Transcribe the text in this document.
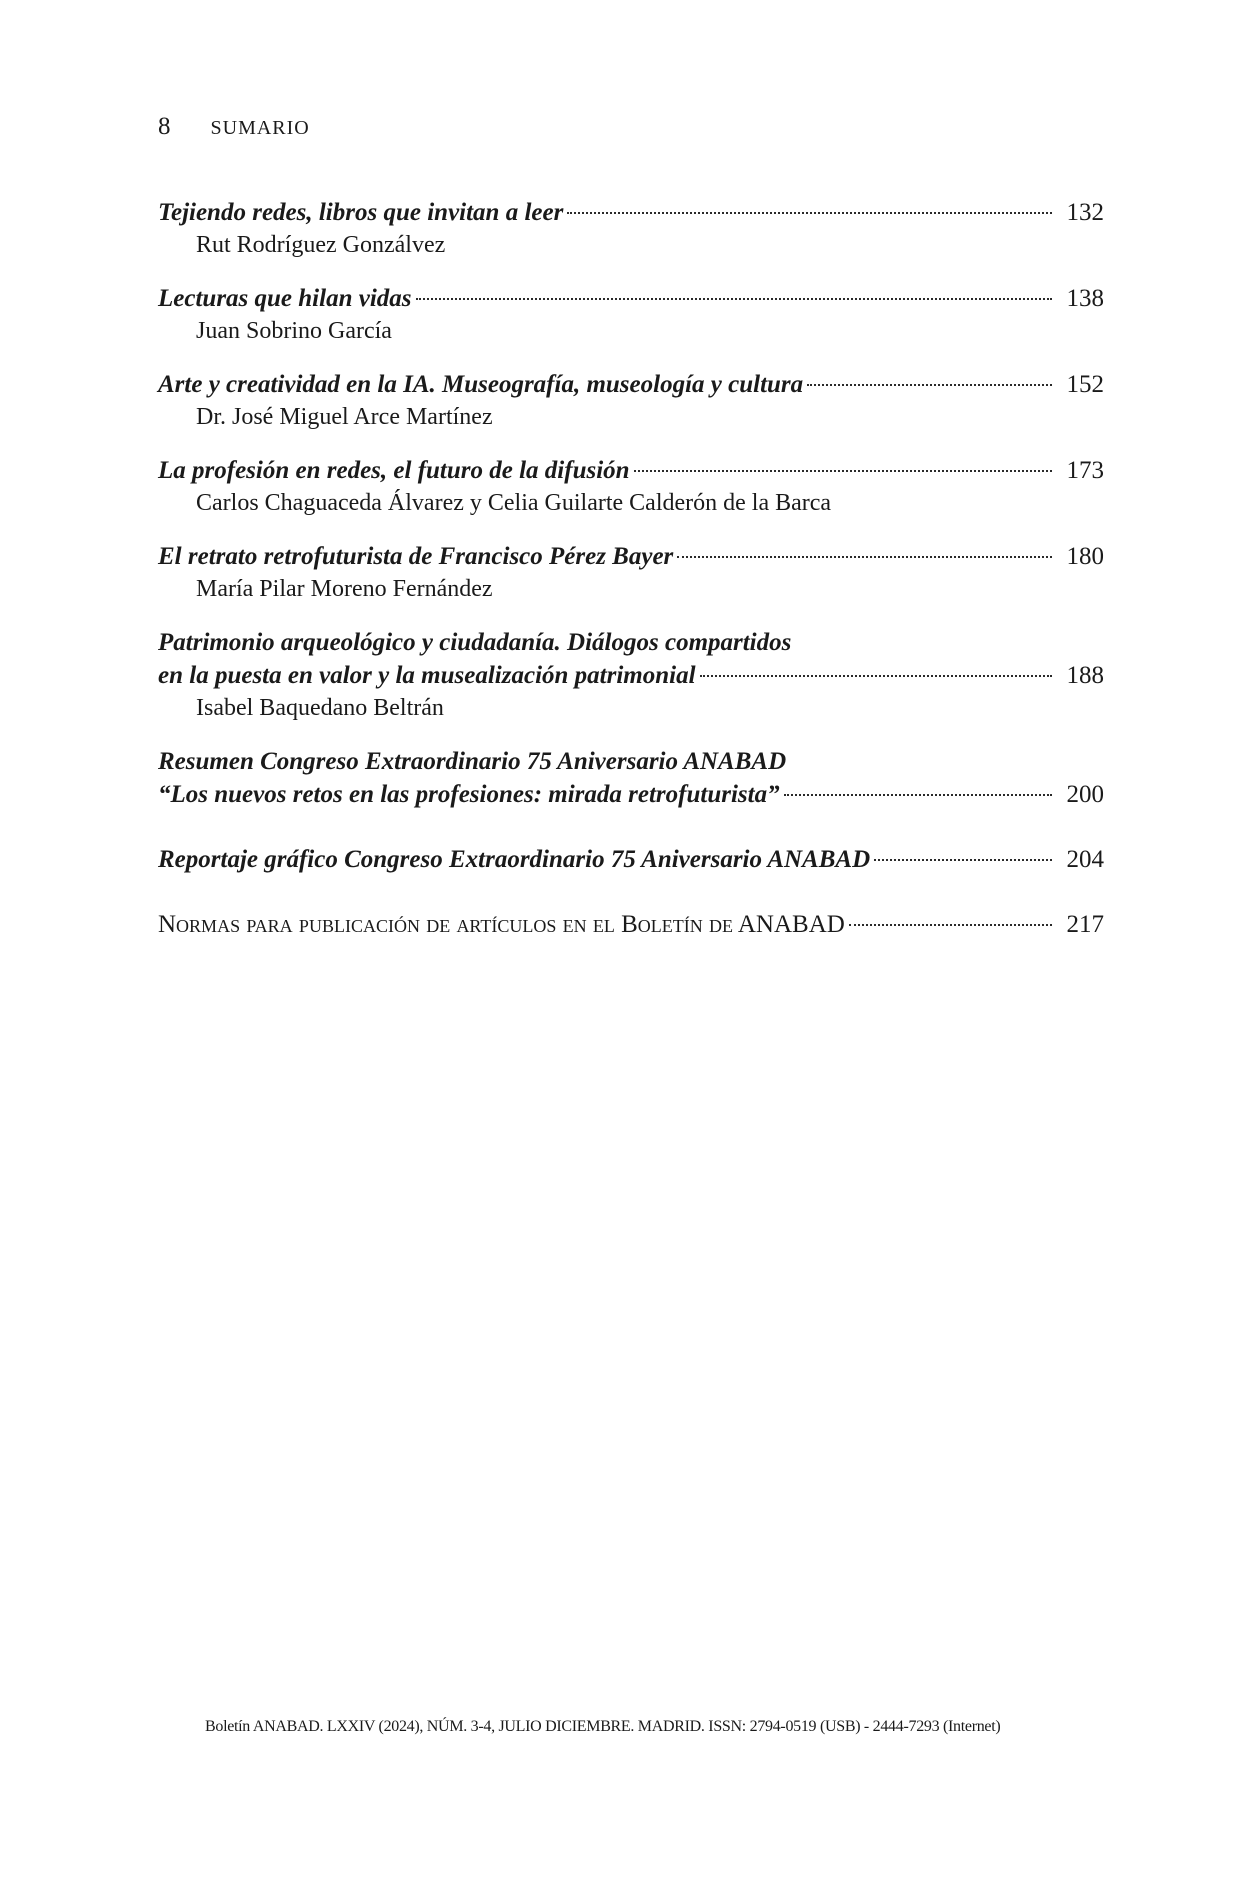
8 SUMARIO
Tejiendo redes, libros que invitan a leer	132
Rut Rodríguez Gonzálvez
Lecturas que hilan vidas	138
Juan Sobrino García
Arte y creatividad en la IA. Museografía, museología y cultura	152
Dr. José Miguel Arce Martínez
La profesión en redes, el futuro de la difusión	173
Carlos Chaguaceda Álvarez y Celia Guilarte Calderón de la Barca
El retrato retrofuturista de Francisco Pérez Bayer	180
María Pilar Moreno Fernández
Patrimonio arqueológico y ciudadanía. Diálogos compartidos
en la puesta en valor y la musealización patrimonial	188
Isabel Baquedano Beltrán
Resumen Congreso Extraordinario 75 Aniversario ANABAD
“Los nuevos retos en las profesiones: mirada retrofuturista”	200
Reportaje gráfico Congreso Extraordinario 75 Aniversario ANABAD	204
Normas para publicación de artículos en el Boletín de ANABAD	217
Boletín ANABAD. LXXIV (2024), NÚM. 3-4, JULIO DICIEMBRE. MADRID. ISSN: 2794-0519 (USB) - 2444-7293 (Internet)
